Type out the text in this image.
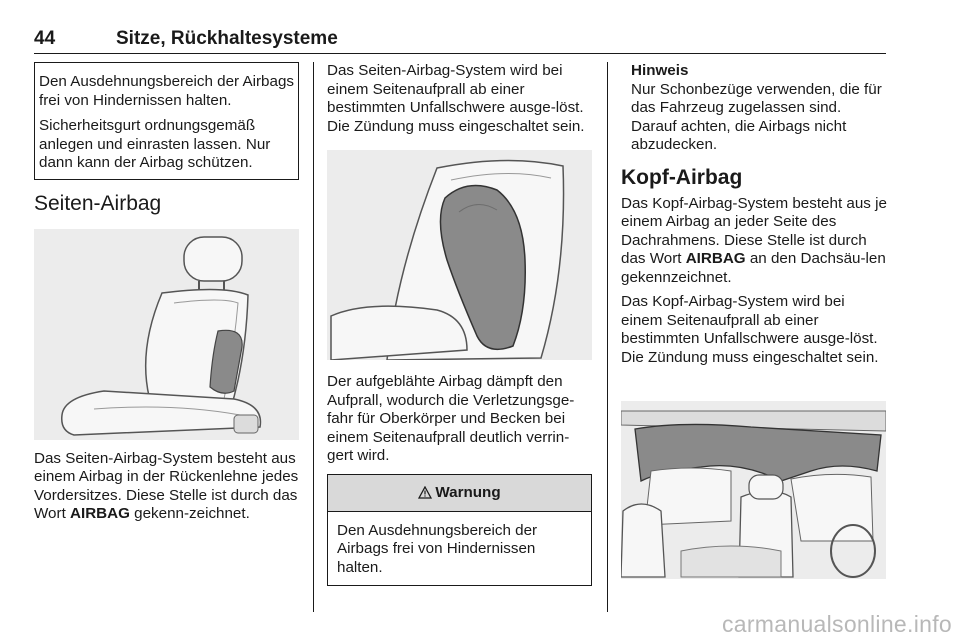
44	Sitze, Rückhaltesysteme

Den Ausdehnungsbereich der Airbags frei von Hindernissen halten.

Sicherheitsgurt ordnungsgemäß anlegen und einrasten lassen. Nur dann kann der Airbag schützen.

Seiten-Airbag

Das Seiten-Airbag-System besteht aus einem Airbag in der Rückenlehne jedes Vordersitzes. Diese Stelle ist durch das Wort AIRBAG gekenn-zeichnet.

Das Seiten-Airbag-System wird bei einem Seitenaufprall ab einer bestimmten Unfallschwere ausge-löst. Die Zündung muss eingeschaltet sein.

Der aufgeblähte Airbag dämpft den Aufprall, wodurch die Verletzungsge-fahr für Oberkörper und Becken bei einem Seitenaufprall deutlich verrin-gert wird.

Warnung

Den Ausdehnungsbereich der Airbags frei von Hindernissen halten.

Hinweis

Nur Schonbezüge verwenden, die für das Fahrzeug zugelassen sind. Darauf achten, die Airbags nicht abzudecken.

Kopf-Airbag

Das Kopf-Airbag-System besteht aus je einem Airbag an jeder Seite des Dachrahmens. Diese Stelle ist durch das Wort AIRBAG an den Dachsäu-len gekennzeichnet.

Das Kopf-Airbag-System wird bei einem Seitenaufprall ab einer bestimmten Unfallschwere ausge-löst. Die Zündung muss eingeschaltet sein.

carmanualsonline.info
